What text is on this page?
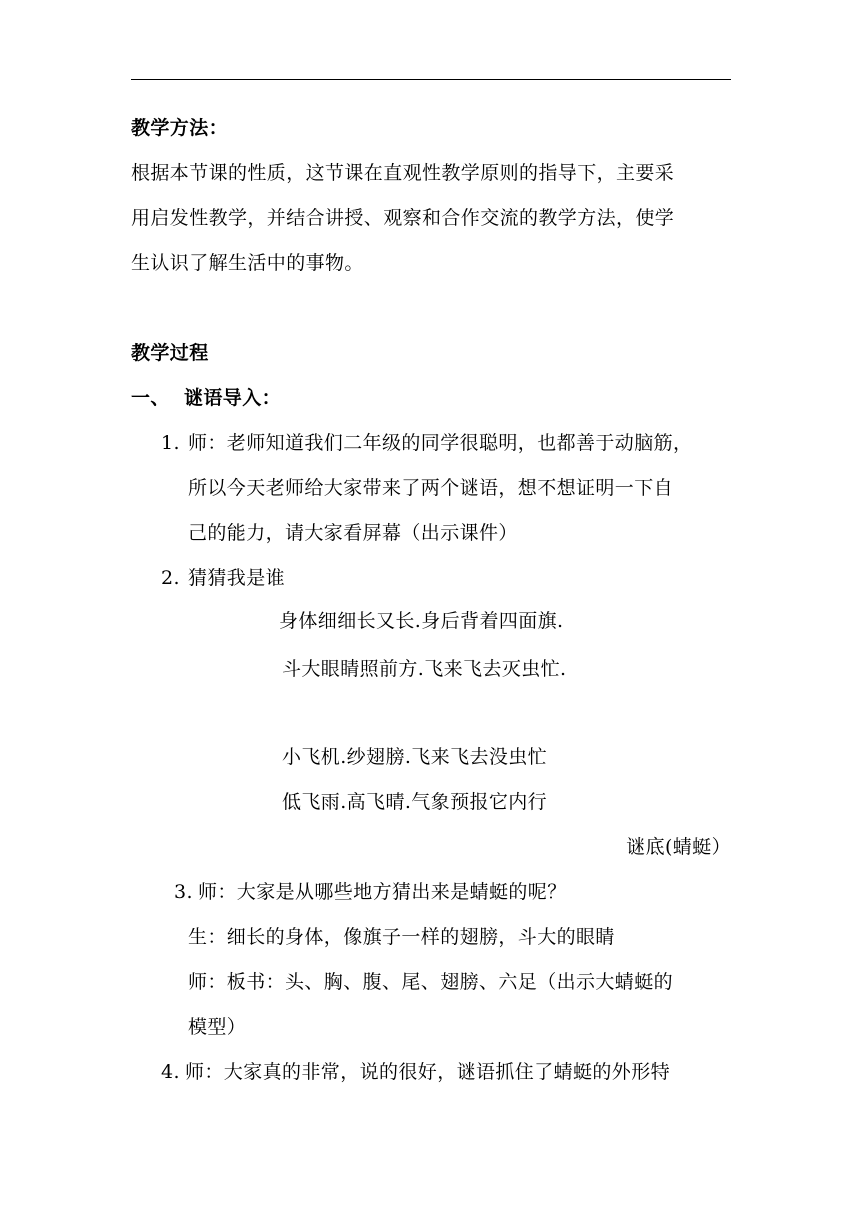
教学方法：
根据本节课的性质，这节课在直观性教学原则的指导下，主要采
用启发性教学，并结合讲授、观察和合作交流的教学方法，使学
生认识了解生活中的事物。
教学过程
一、 谜语导入：
1. 师：老师知道我们二年级的同学很聪明，也都善于动脑筋，
所以今天老师给大家带来了两个谜语，想不想证明一下自
己的能力，请大家看屏幕（出示课件）
2. 猜猜我是谁
身体细细长又长.身后背着四面旗.
斗大眼睛照前方.飞来飞去灭虫忙.
小飞机.纱翅膀.飞来飞去没虫忙
低飞雨.高飞晴.气象预报它内行
谜底(蜻蜓）
3. 师：大家是从哪些地方猜出来是蜻蜓的呢？
生：细长的身体，像旗子一样的翅膀，斗大的眼睛
师：板书：头、胸、腹、尾、翅膀、六足（出示大蜻蜓的
模型）
4. 师：大家真的非常，说的很好，谜语抓住了蜻蜓的外形特
